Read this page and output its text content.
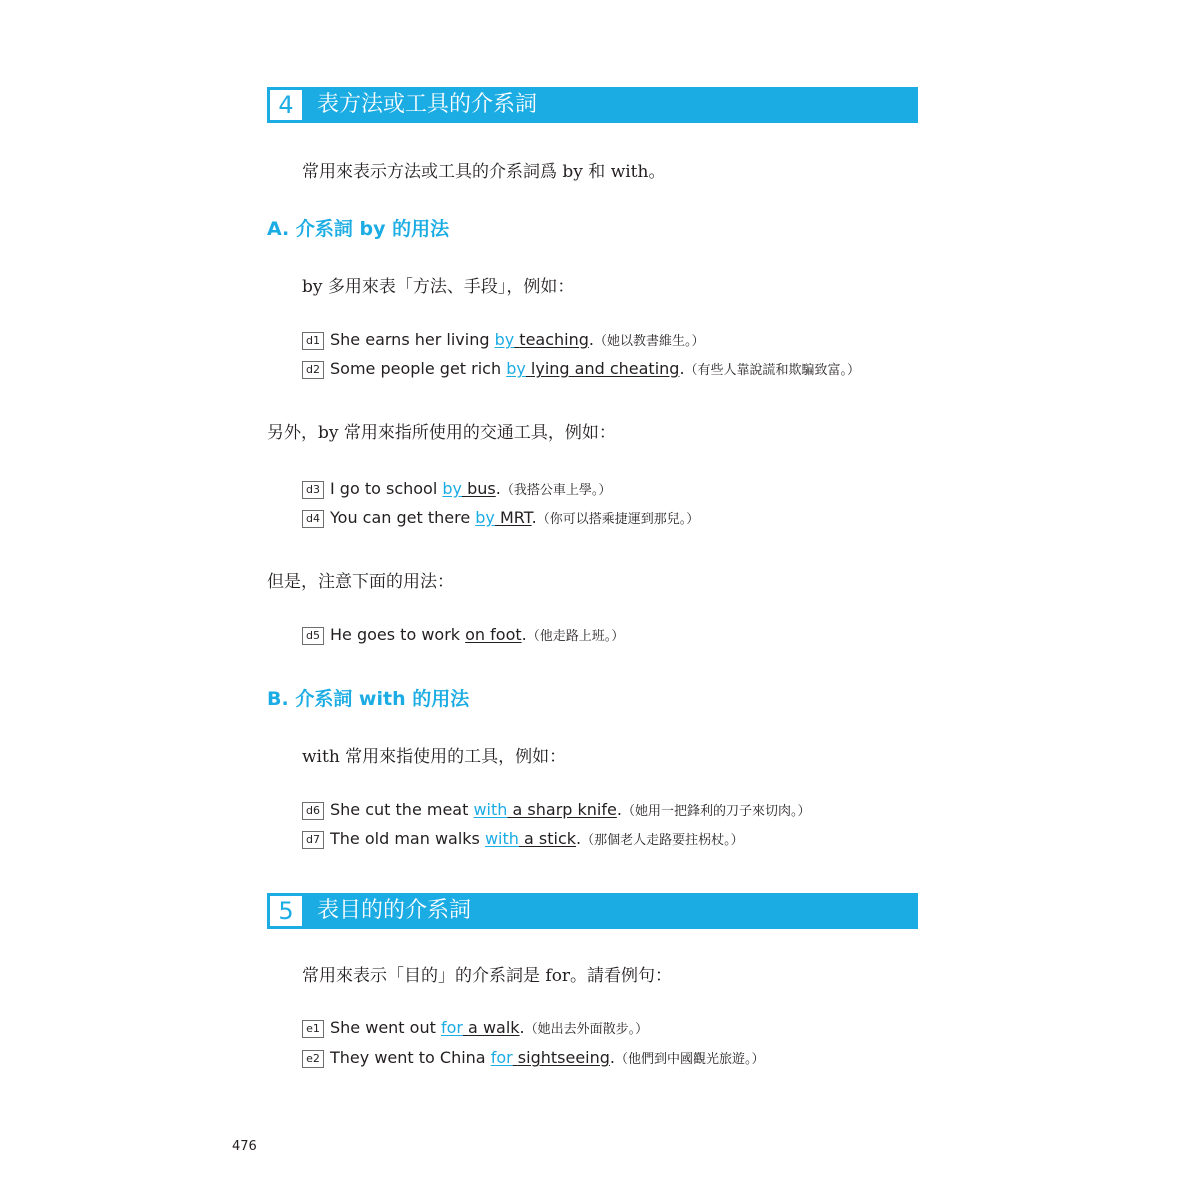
4	表方法或工具的介系詞
常用來表示方法或工具的介系詞爲 by 和 with。
A. 介系詞 by 的用法
by 多用來表「方法、手段」，例如：
d1 She earns her living by teaching.（她以教書維生。）
d2 Some people get rich by lying and cheating.（有些人靠說謊和欺騙致富。）
另外，by 常用來指所使用的交通工具，例如：
d3 I go to school by bus.（我搭公車上學。）
d4 You can get there by MRT.（你可以搭乘捷運到那兒。）
但是，注意下面的用法：
d5 He goes to work on foot.（他走路上班。）
B. 介系詞 with 的用法
with 常用來指使用的工具，例如：
d6 She cut the meat with a sharp knife.（她用一把鋒利的刀子來切肉。）
d7 The old man walks with a stick.（那個老人走路要拄柺杖。）
5	表目的的介系詞
常用來表示「目的」的介系詞是 for。請看例句：
e1 She went out for a walk.（她出去外面散步。）
e2 They went to China for sightseeing.（他們到中國觀光旅遊。）
476
